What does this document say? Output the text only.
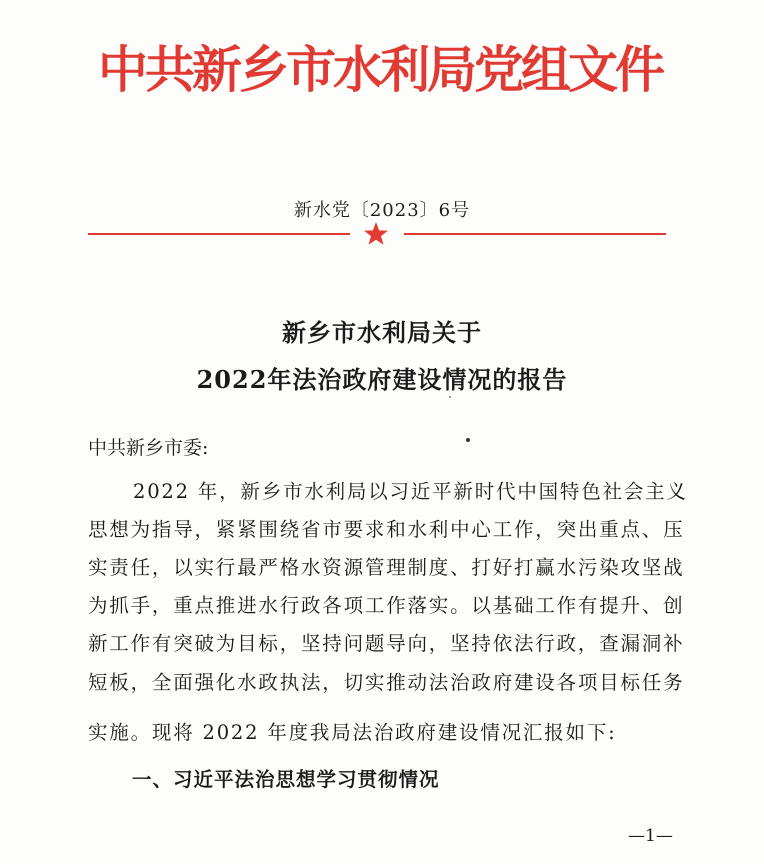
中共新乡市水利局党组文件
新水党〔2023〕6号
新乡市水利局关于
2022年法治政府建设情况的报告
中共新乡市委:
2022 年，新乡市水利局以习近平新时代中国特色社会主义
思想为指导，紧紧围绕省市要求和水利中心工作，突出重点、压
实责任，以实行最严格水资源管理制度、打好打赢水污染攻坚战
为抓手，重点推进水行政各项工作落实。以基础工作有提升、创
新工作有突破为目标，坚持问题导向，坚持依法行政，查漏洞补
短板，全面强化水政执法，切实推动法治政府建设各项目标任务
实施。现将 2022 年度我局法治政府建设情况汇报如下:
一、习近平法治思想学习贯彻情况
—1—
